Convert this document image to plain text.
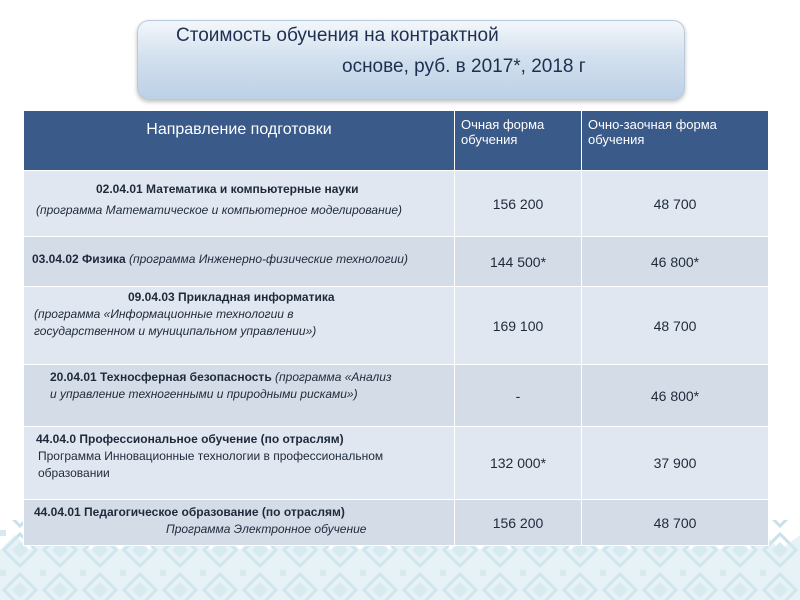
Стоимость обучения на контрактной
основе, руб. в 2017*, 2018 г
Направление подготовки	Очная форма обучения	Очно-заочная форма обучения

02.04.01 Математика и компьютерные науки
(программа Математическое и компьютерное моделирование)	156 200	48 700

03.04.02 Физика (программа Инженерно-физические технологии)	144 500*	46 800*

09.04.03 Прикладная информатика
(программа «Информационные технологии в государственном и муниципальном управлении»)	169 100	48 700

20.04.01 Техносферная безопасность (программа «Анализ и управление техногенными и природными рисками»)	-	46 800*

44.04.0 Профессиональное обучение (по отраслям)
Программа Инновационные технологии в профессиональном образовании	132 000*	37 900

44.04.01 Педагогическое образование (по отраслям)
Программа Электронное обучение	156 200	48 700
